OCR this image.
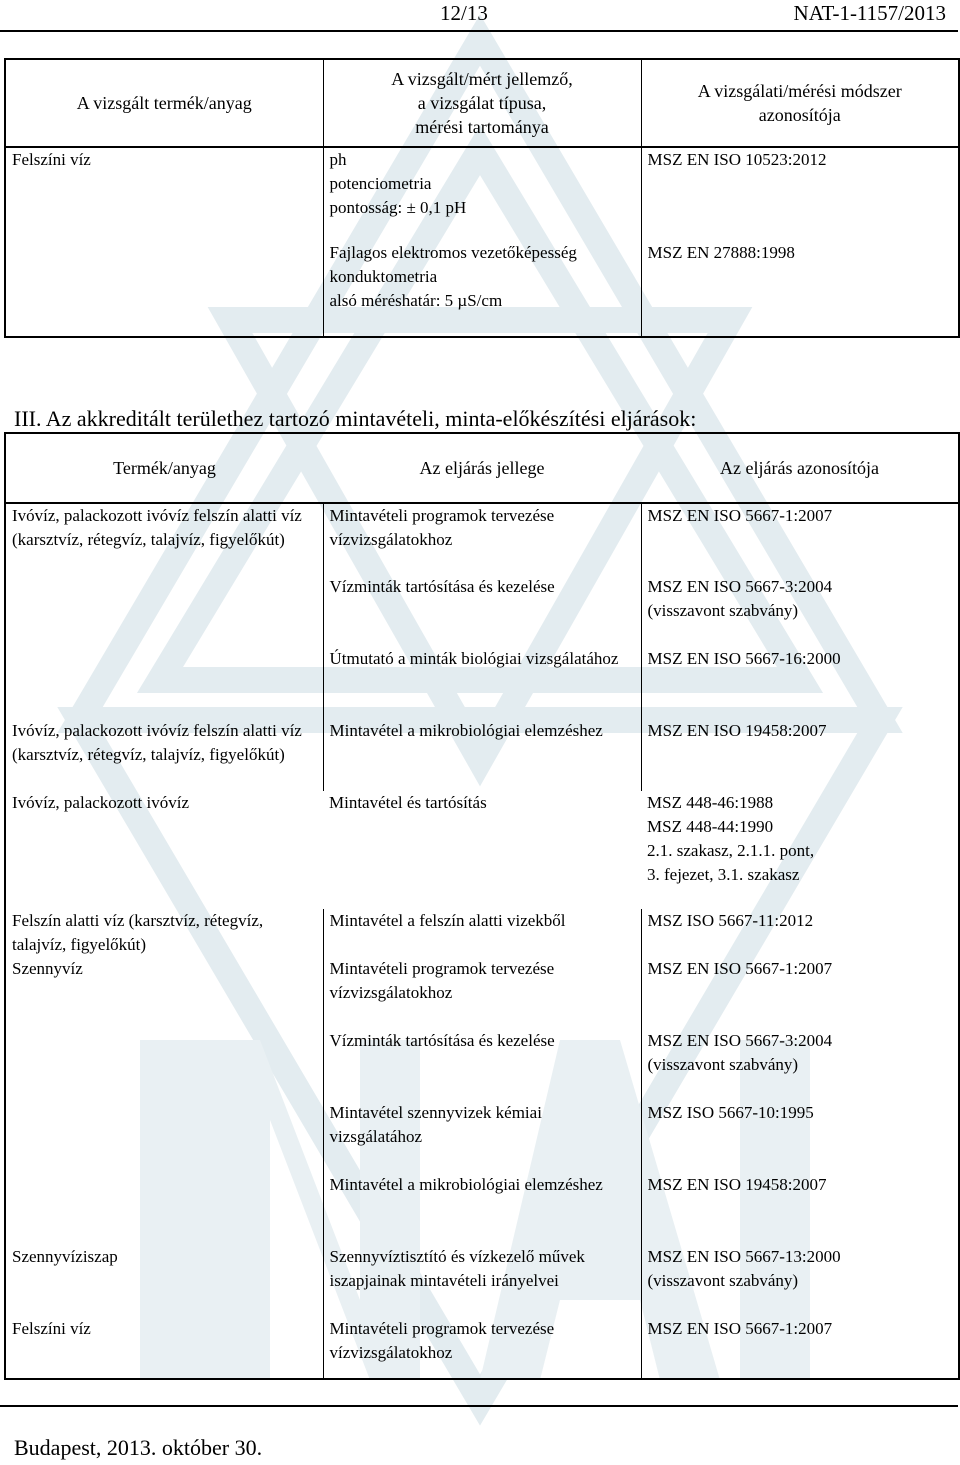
12/13	NAT-1-1157/2013
A vizsgált termék/anyag	A vizsgált/mért jellemző,
a vizsgálat típusa,
mérési tartománya	A vizsgálati/mérési módszer
azonosítója
Felszíni víz	ph
potenciometria
pontosság: ± 0,1 pH	MSZ EN ISO 10523:2012
	Fajlagos elektromos vezetőképesség
konduktometria
alsó méréshatár: 5 µS/cm	MSZ EN 27888:1998
III. Az akkreditált területhez tartozó mintavételi, minta-előkészítési eljárások:
Termék/anyag	Az eljárás jellege	Az eljárás azonosítója
Ivóvíz, palackozott ivóvíz felszín alatti víz (karsztvíz, rétegvíz, talajvíz, figyelőkút)	Mintavételi programok tervezése vízvizsgálatokhoz	MSZ EN ISO 5667-1:2007
	Vízminták tartósítása és kezelése	MSZ EN ISO 5667-3:2004
(visszavont szabvány)
	Útmutató a minták biológiai vizsgálatához	MSZ EN ISO 5667-16:2000
Ivóvíz, palackozott ivóvíz felszín alatti víz (karsztvíz, rétegvíz, talajvíz, figyelőkút)	Mintavétel a mikrobiológiai elemzéshez	MSZ EN ISO 19458:2007
Ivóvíz, palackozott ivóvíz	Mintavétel és tartósítás	MSZ 448-46:1988
MSZ 448-44:1990
2.1. szakasz, 2.1.1. pont,
3. fejezet, 3.1. szakasz
Felszín alatti víz (karsztvíz, rétegvíz, talajvíz, figyelőkút)	Mintavétel a felszín alatti vizekből	MSZ ISO 5667-11:2012
Szennyvíz	Mintavételi programok tervezése vízvizsgálatokhoz	MSZ EN ISO 5667-1:2007
	Vízminták tartósítása és kezelése	MSZ EN ISO 5667-3:2004
(visszavont szabvány)
	Mintavétel szennyvizek kémiai vizsgálatához	MSZ ISO 5667-10:1995
	Mintavétel a mikrobiológiai elemzéshez	MSZ EN ISO 19458:2007
Szennyvíziszap	Szennyvíztisztító és vízkezelő művek iszapjainak mintavételi irányelvei	MSZ EN ISO 5667-13:2000
(visszavont szabvány)
Felszíni víz	Mintavételi programok tervezése vízvizsgálatokhoz	MSZ EN ISO 5667-1:2007
Budapest, 2013. október 30.
